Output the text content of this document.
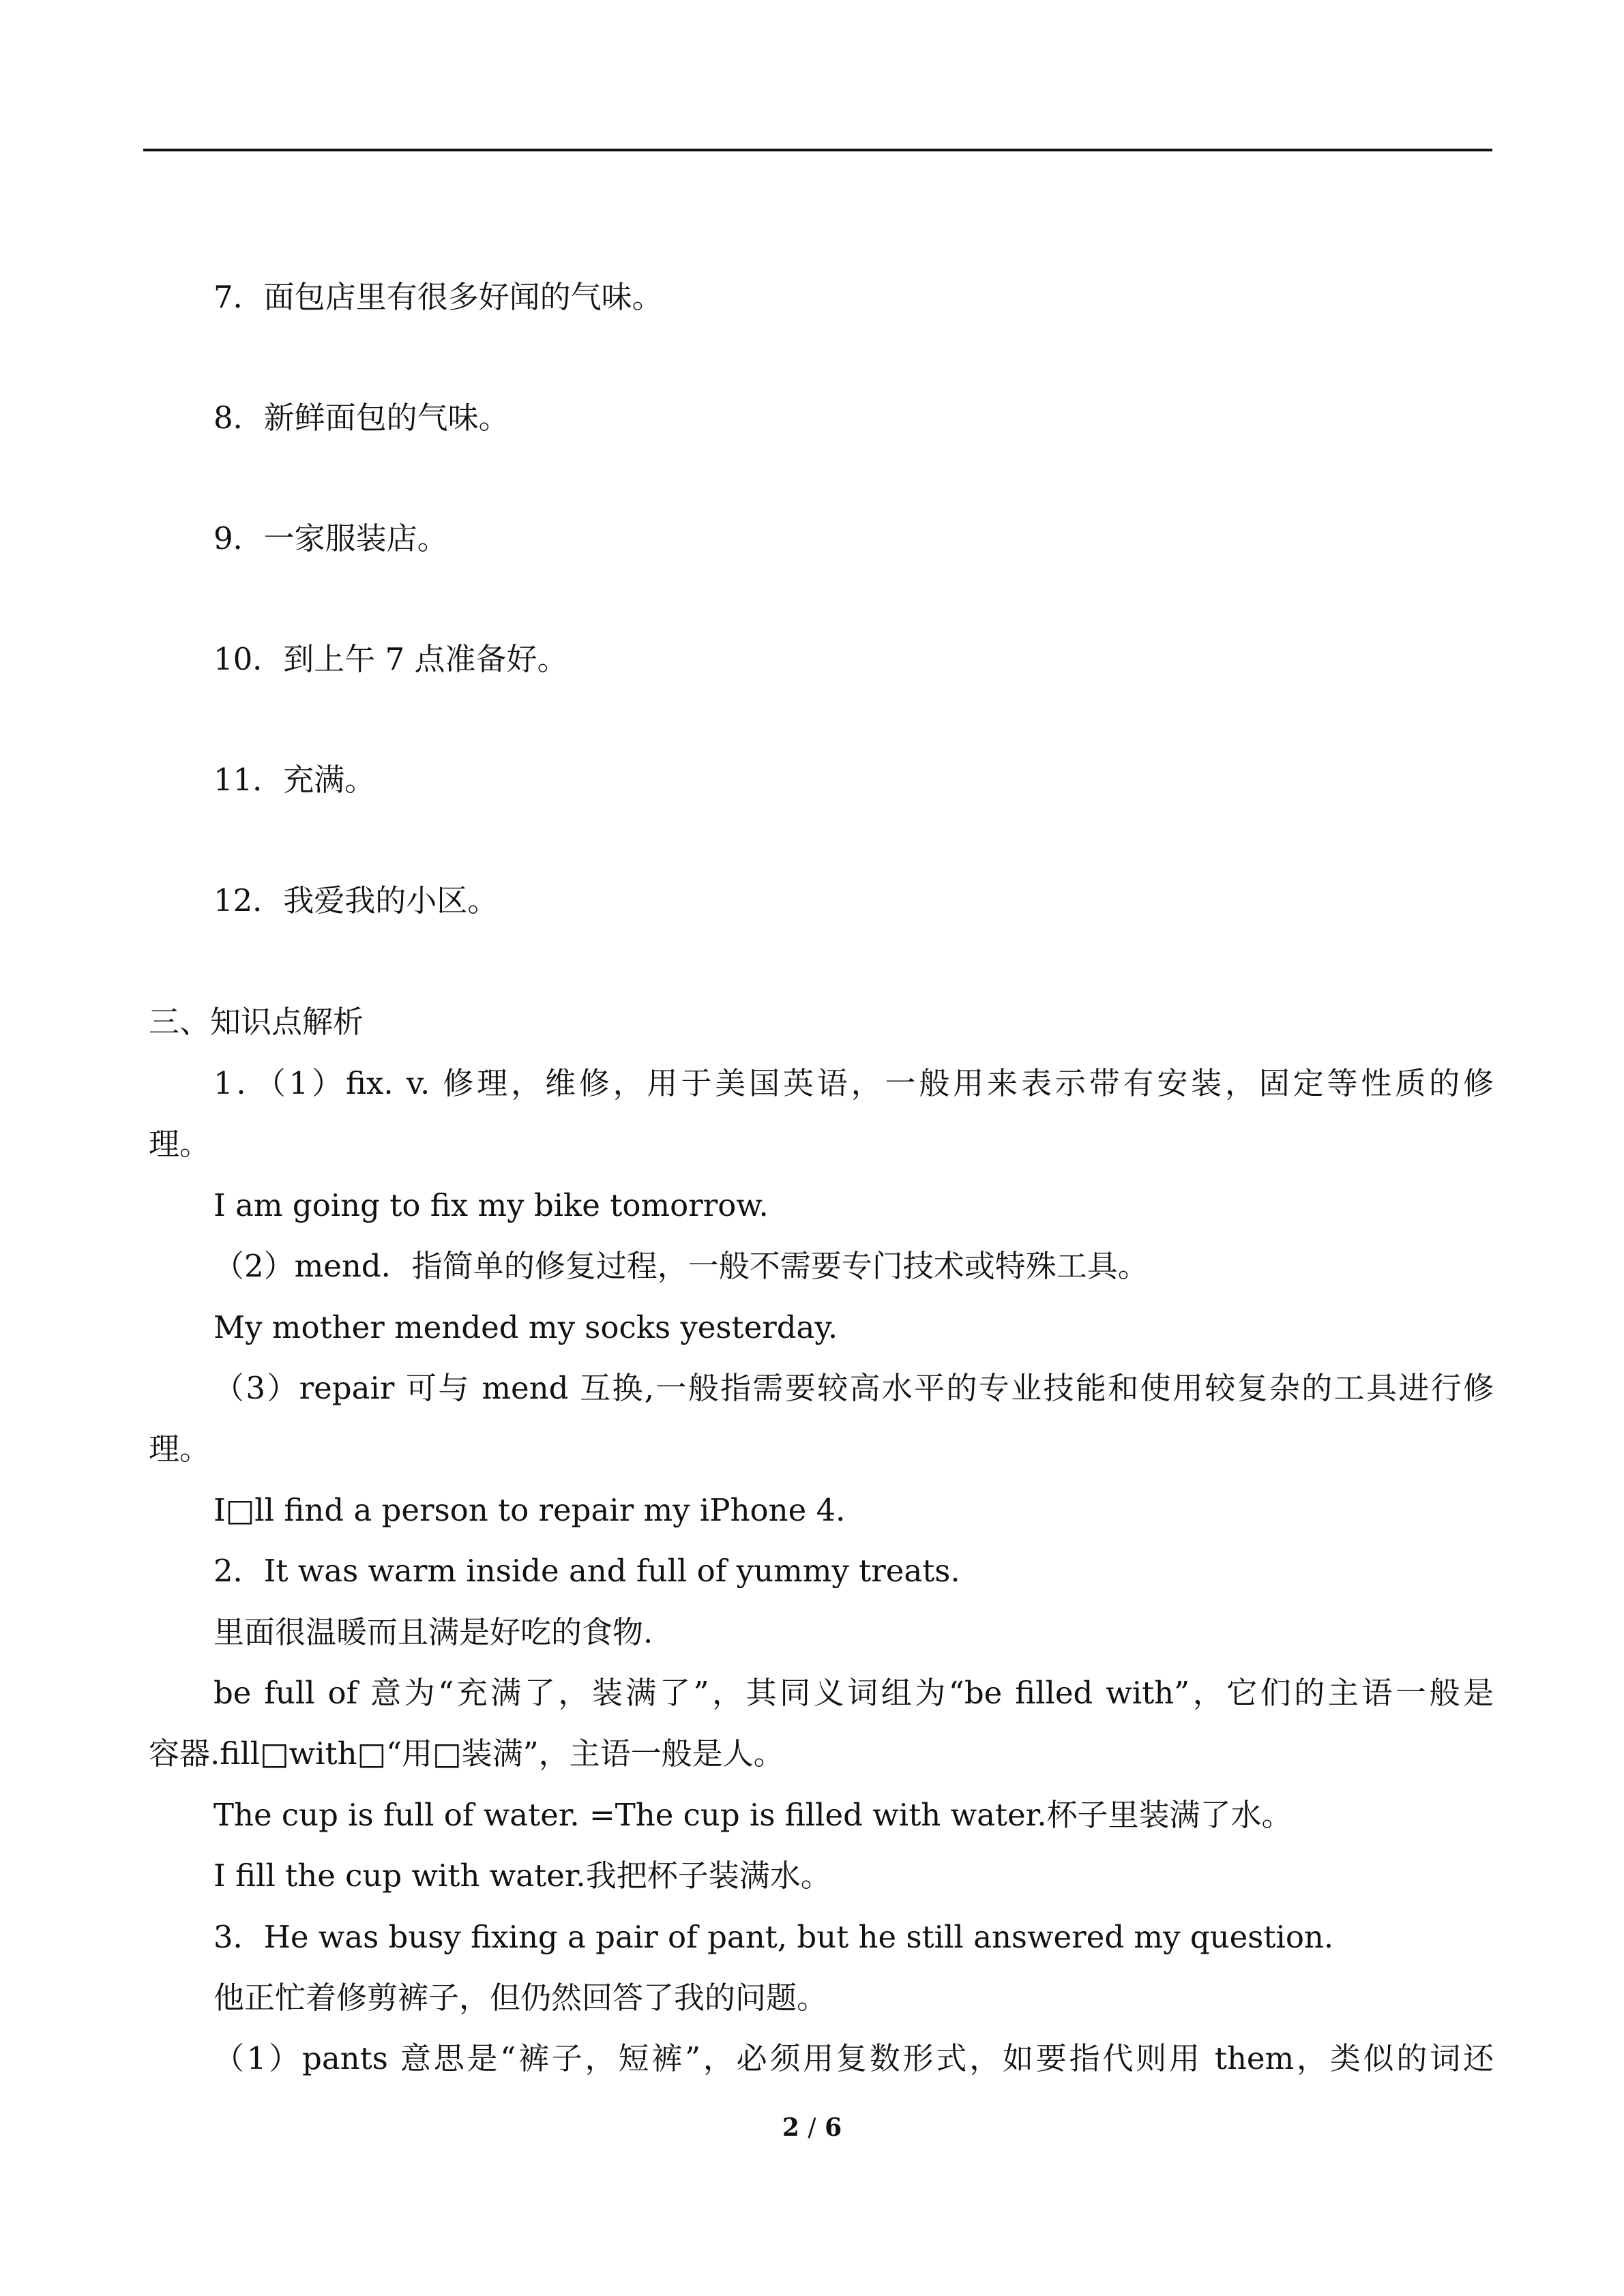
7．面包店里有很多好闻的气味。
8．新鲜面包的气味。
9．一家服装店。
10．到上午 7 点准备好。
11．充满。
12．我爱我的小区。
三、知识点解析
1．（1）fix. v. 修理，维修，用于美国英语，一般用来表示带有安装，固定等性质的修
理。
I am going to fix my bike tomorrow.
（2）mend．指简单的修复过程，一般不需要专门技术或特殊工具。
My mother mended my socks yesterday.
（3）repair 可与 mend 互换,一般指需要较高水平的专业技能和使用较复杂的工具进行修
理。
I□ll find a person to repair my iPhone 4．
2．It was warm inside and full of yummy treats.
里面很温暖而且满是好吃的食物.
be full of 意为“充满了，装满了”，其同义词组为“be filled with”，它们的主语一般是
容器.fill□with□“用□装满”，主语一般是人。
The cup is full of water. =The cup is filled with water.杯子里装满了水。
I fill the cup with water.我把杯子装满水。
3．He was busy fixing a pair of pant, but he still answered my question.
他正忙着修剪裤子，但仍然回答了我的问题。
（1）pants 意思是“裤子，短裤”，必须用复数形式，如要指代则用 them，类似的词还
2 / 6
